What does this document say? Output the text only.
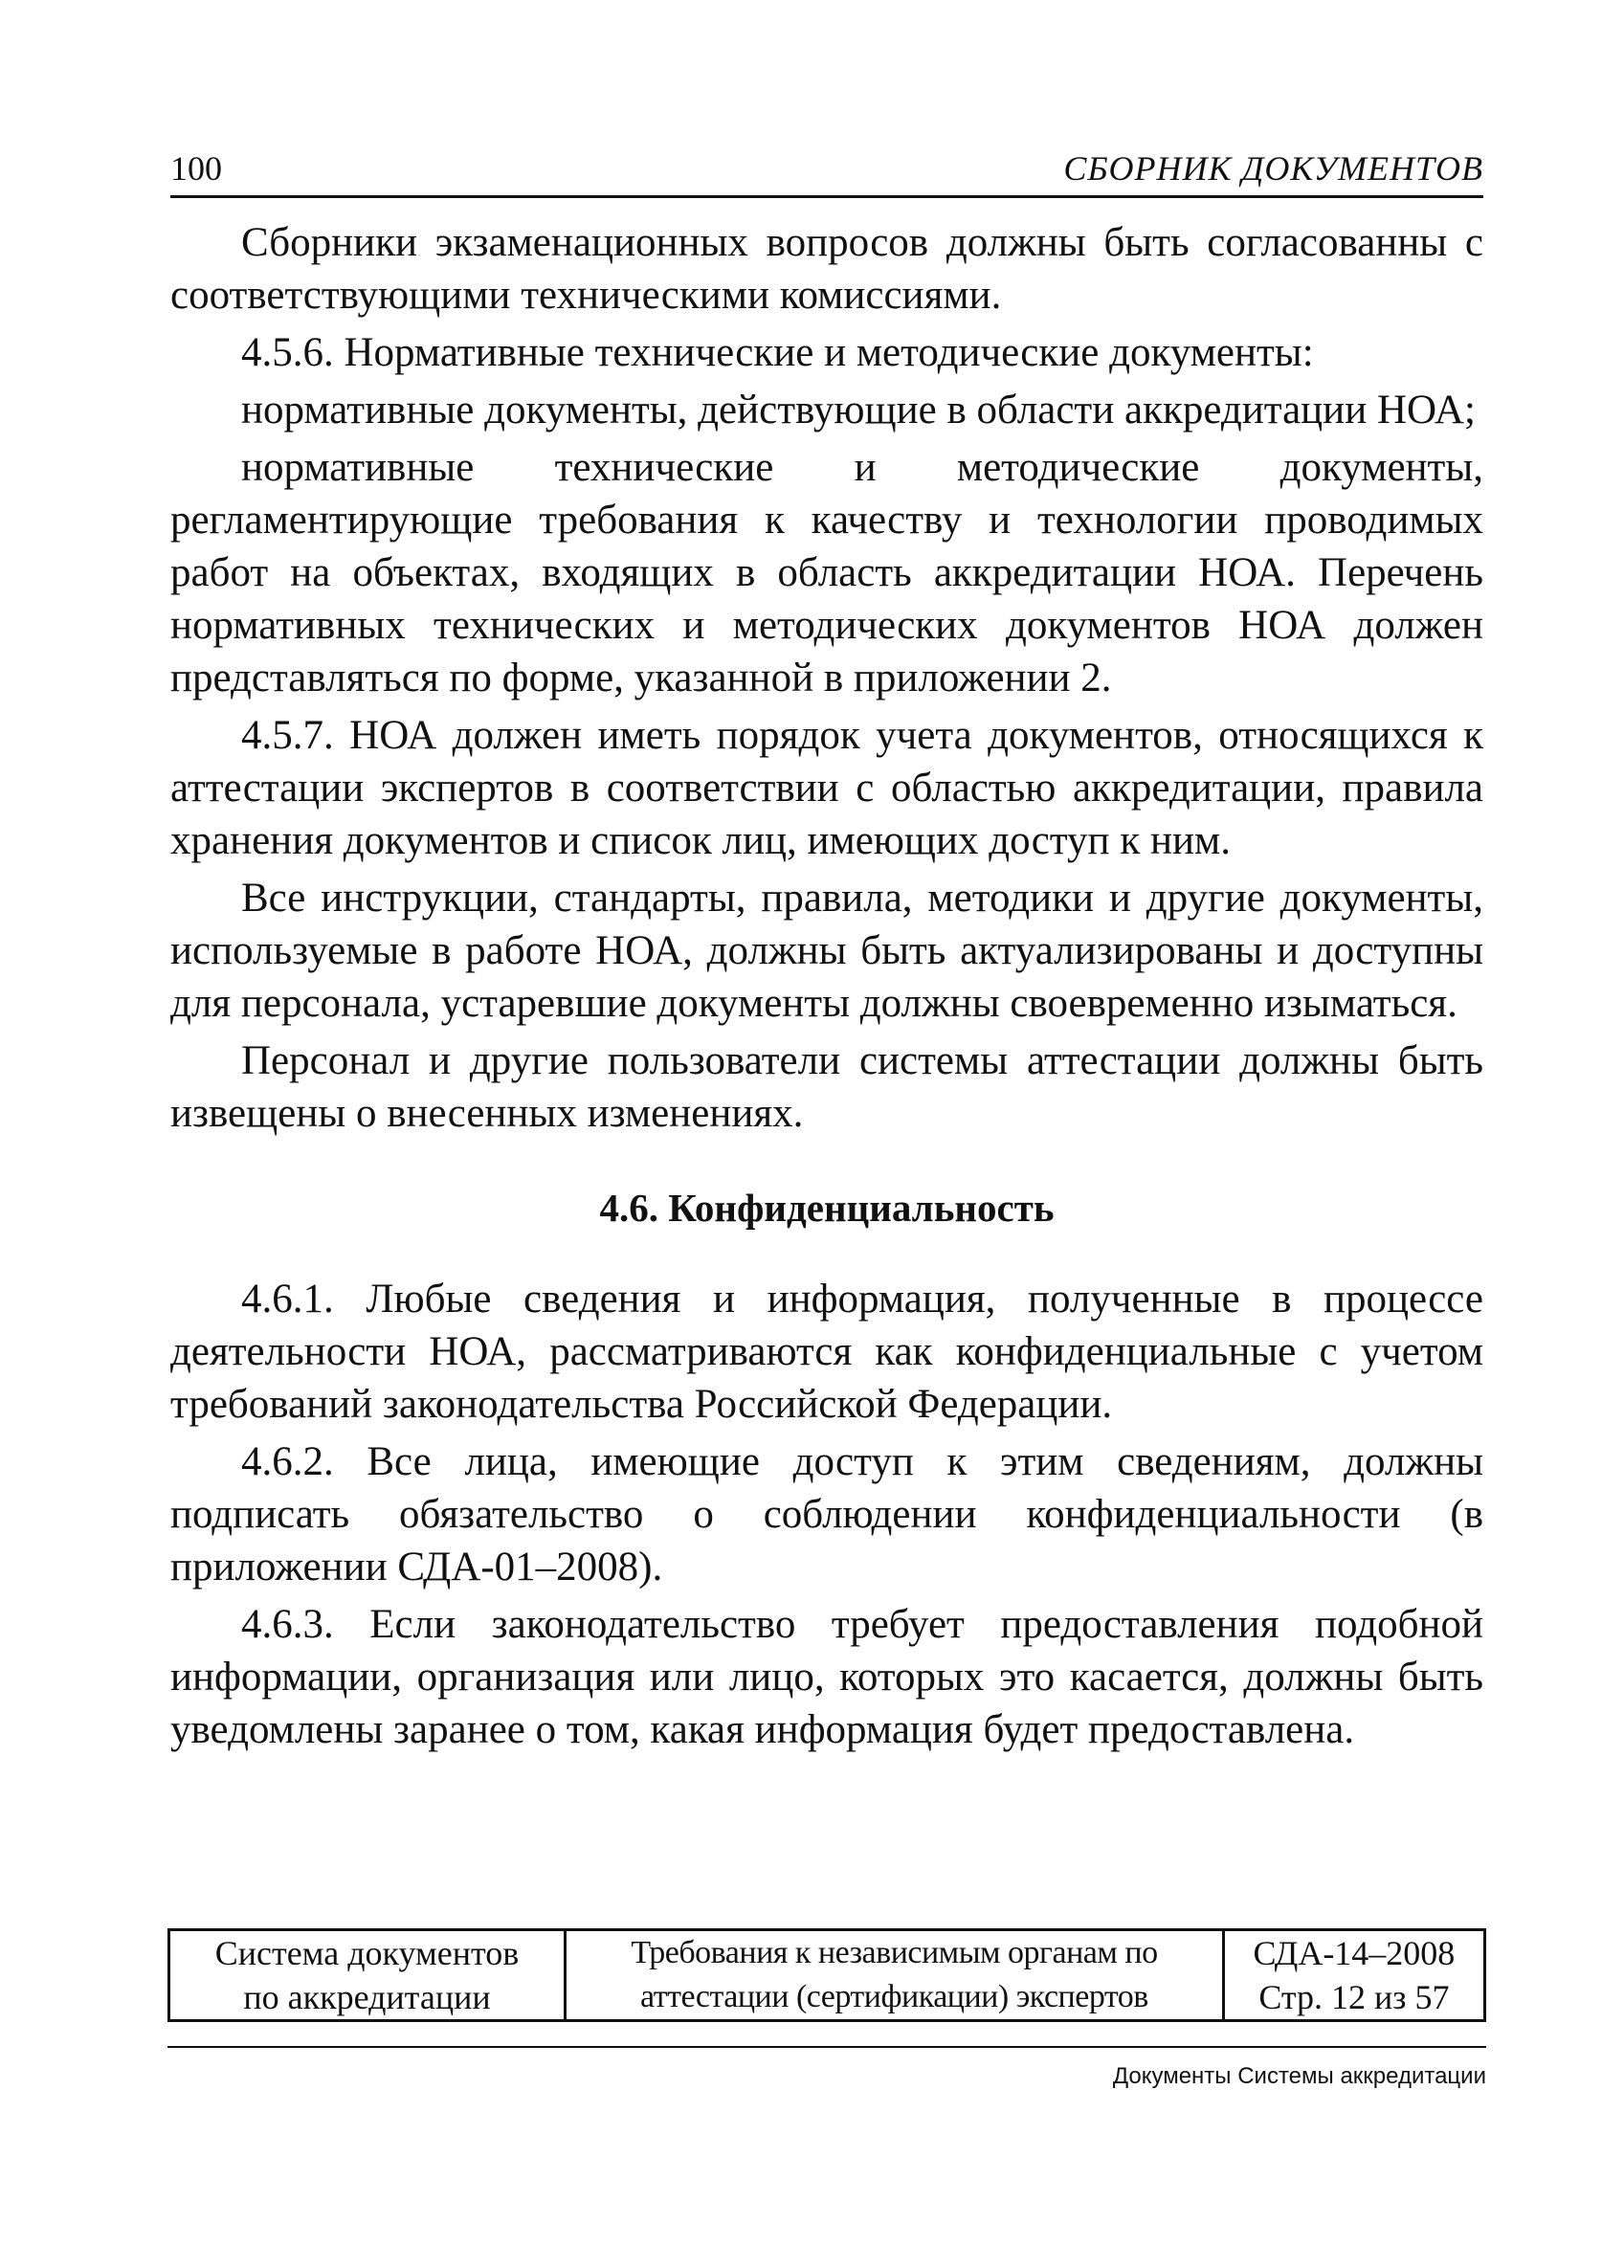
100	СБОРНИК ДОКУМЕНТОВ

Сборники экзаменационных вопросов должны быть согласованны с соответствующими техническими комиссиями.

4.5.6. Нормативные технические и методические документы:

нормативные документы, действующие в области аккредитации НОА;

нормативные технические и методические документы, регламентирующие требования к качеству и технологии проводимых работ на объектах, входящих в область аккредитации НОА. Перечень нормативных технических и методических документов НОА должен представляться по форме, указанной в приложении 2.

4.5.7. НОА должен иметь порядок учета документов, относящихся к аттестации экспертов в соответствии с областью аккредитации, правила хранения документов и список лиц, имеющих доступ к ним.

Все инструкции, стандарты, правила, методики и другие документы, используемые в работе НОА, должны быть актуализированы и доступны для персонала, устаревшие документы должны своевременно изыматься.

Персонал и другие пользователи системы аттестации должны быть извещены о внесенных изменениях.

4.6. Конфиденциальность

4.6.1. Любые сведения и информация, полученные в процессе деятельности НОА, рассматриваются как конфиденциальные с учетом требований законодательства Российской Федерации.

4.6.2. Все лица, имеющие доступ к этим сведениям, должны подписать обязательство о соблюдении конфиденциальности (в приложении СДА-01–2008).

4.6.3. Если законодательство требует предоставления подобной информации, организация или лицо, которых это касается, должны быть уведомлены заранее о том, какая информация будет предоставлена.

Система документов
по аккредитации

Требования к независимым органам по
аттестации (сертификации) экспертов

СДА-14–2008
Стр. 12 из 57
Документы Системы аккредитации
